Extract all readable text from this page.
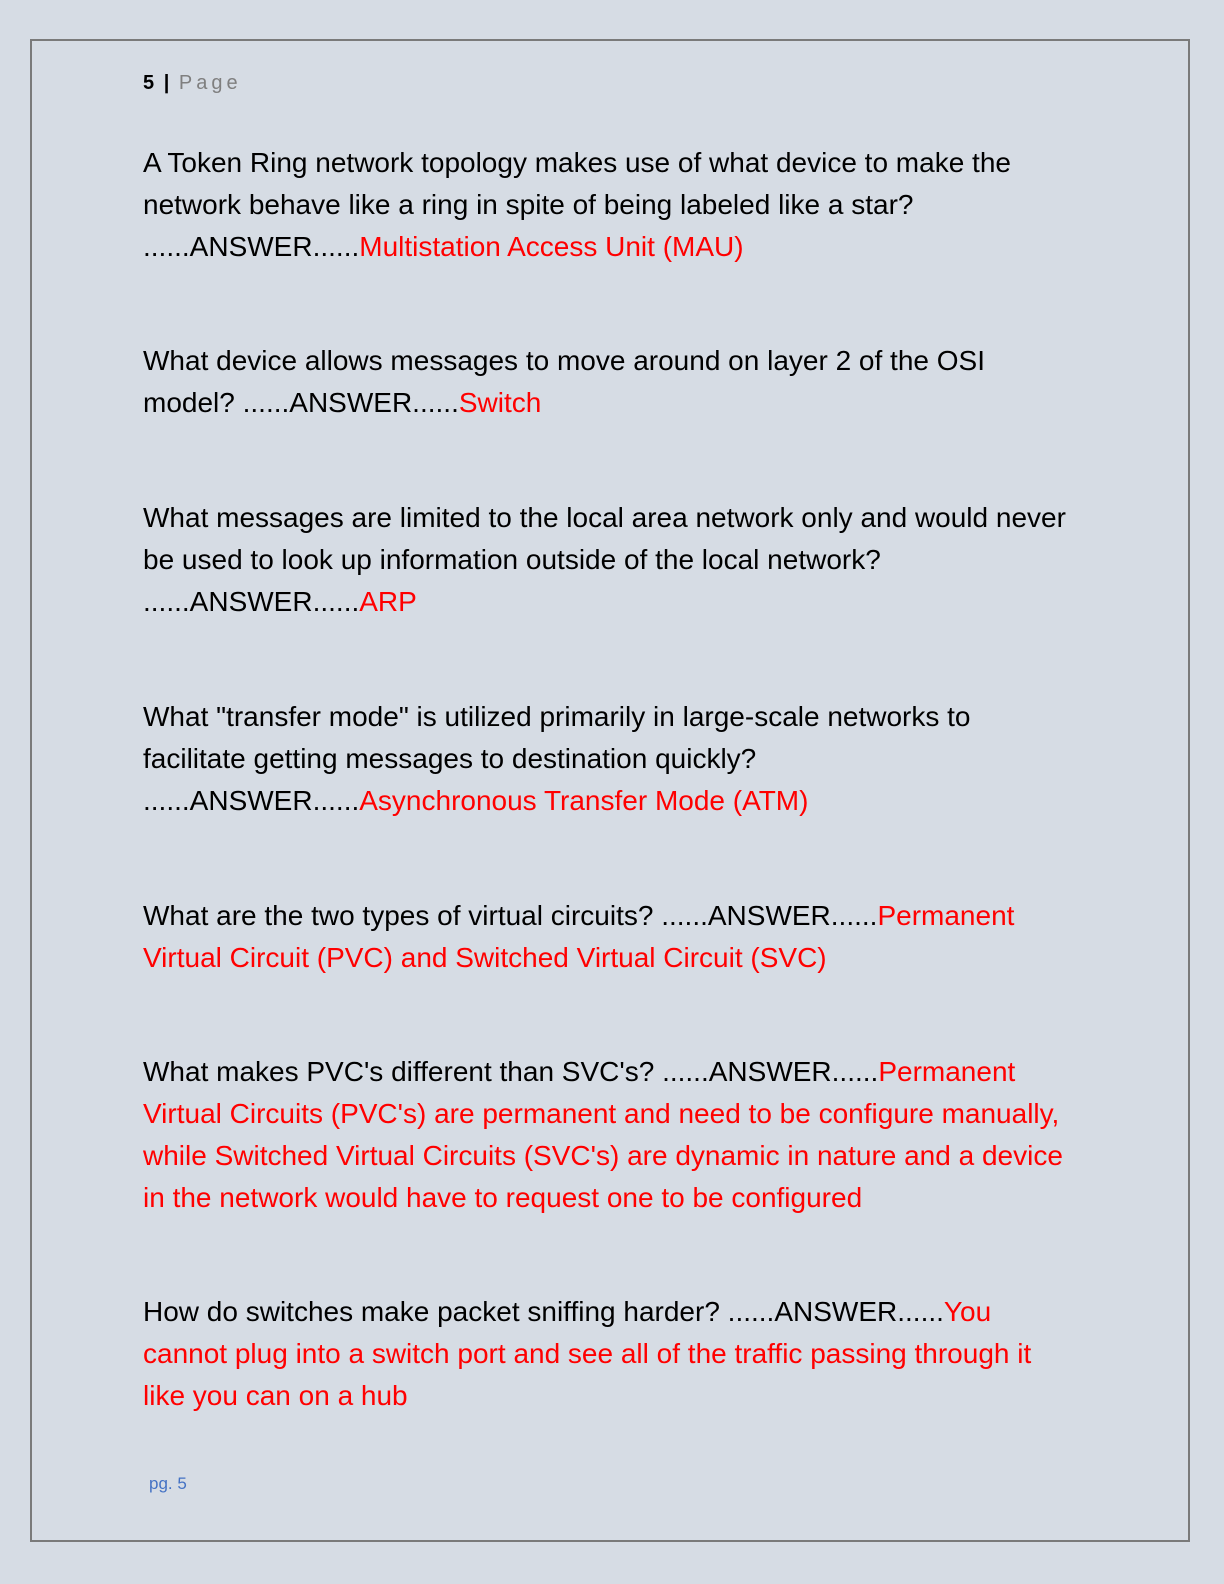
5 | Page
A Token Ring network topology makes use of what device to make the network behave like a ring in spite of being labeled like a star? ......ANSWER......Multistation Access Unit (MAU)
What device allows messages to move around on layer 2 of the OSI model? ......ANSWER......Switch
What messages are limited to the local area network only and would never be used to look up information outside of the local network? ......ANSWER......ARP
What "transfer mode" is utilized primarily in large-scale networks to facilitate getting messages to destination quickly? ......ANSWER......Asynchronous Transfer Mode (ATM)
What are the two types of virtual circuits? ......ANSWER......Permanent Virtual Circuit (PVC) and Switched Virtual Circuit (SVC)
What makes PVC's different than SVC's? ......ANSWER......Permanent Virtual Circuits (PVC's) are permanent and need to be configure manually, while Switched Virtual Circuits (SVC's) are dynamic in nature and a device in the network would have to request one to be configured
How do switches make packet sniffing harder? ......ANSWER......You cannot plug into a switch port and see all of the traffic passing through it like you can on a hub
pg. 5
